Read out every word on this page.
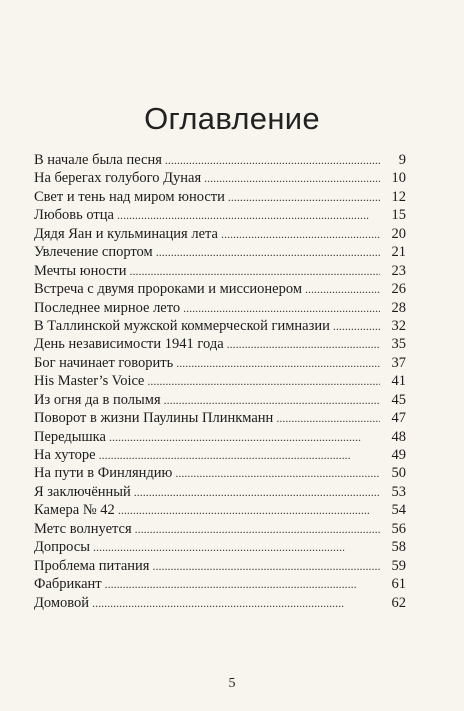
Оглавление
В начале была песня . . .	9
На берегах голубого Дуная . . .	10
Свет и тень над миром юности . . .	12
Любовь отца . . .	15
Дядя Яан и кульминация лета . . .	20
Увлечение спортом . . .	21
Мечты юности . . .	23
Встреча с двумя пророками и миссионером . . .	26
Последнее мирное лето . . .	28
В Таллинской мужской коммерческой гимназии . . .	32
День независимости 1941 года . . .	35
Бог начинает говорить . . .	37
His Master’s Voice . . .	41
Из огня да в полымя . . .	45
Поворот в жизни Паулины Плинкманн . . .	47
Передышка . . .	48
На хуторе . . .	49
На пути в Финляндию . . .	50
Я заключённый . . .	53
Камера № 42 . . .	54
Метс волнуется . . .	56
Допросы . . .	58
Проблема питания . . .	59
Фабрикант . . .	61
Домовой . . .	62
5
